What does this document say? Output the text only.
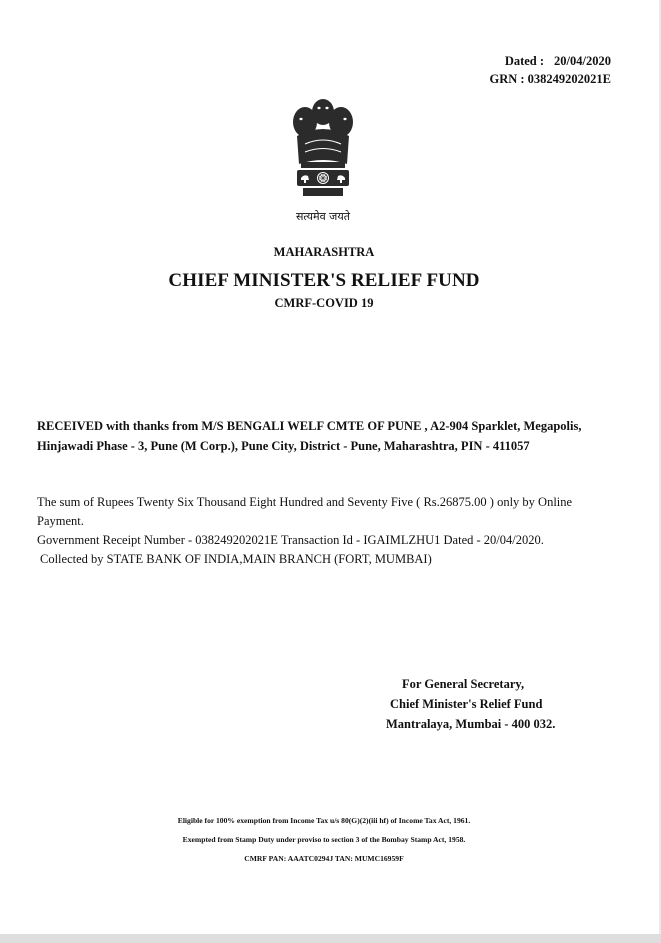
Dated : 20/04/2020
GRN : 038249202021E
सत्यमेव जयते
MAHARASHTRA
CHIEF MINISTER'S RELIEF FUND
CMRF-COVID 19
RECEIVED with thanks from M/S BENGALI WELF CMTE OF PUNE , A2-904 Sparklet, Megapolis, Hinjawadi Phase - 3, Pune (M Corp.), Pune City, District - Pune, Maharashtra, PIN - 411057

The sum of Rupees Twenty Six Thousand Eight Hundred and Seventy Five ( Rs.26875.00 ) only by Online Payment.

Government Receipt Number - 038249202021E Transaction Id - IGAIMLZHU1 Dated - 20/04/2020.

Collected by STATE BANK OF INDIA,MAIN BRANCH (FORT, MUMBAI)

For General Secretary,
Chief Minister's Relief Fund
Mantralaya, Mumbai - 400 032.
Eligible for 100% exemption from Income Tax u/s 80(G)(2)(iii hf) of Income Tax Act, 1961.
Exempted from Stamp Duty under proviso to section 3 of the Bombay Stamp Act, 1958.
CMRF PAN: AAATC0294J TAN: MUMC16959F
